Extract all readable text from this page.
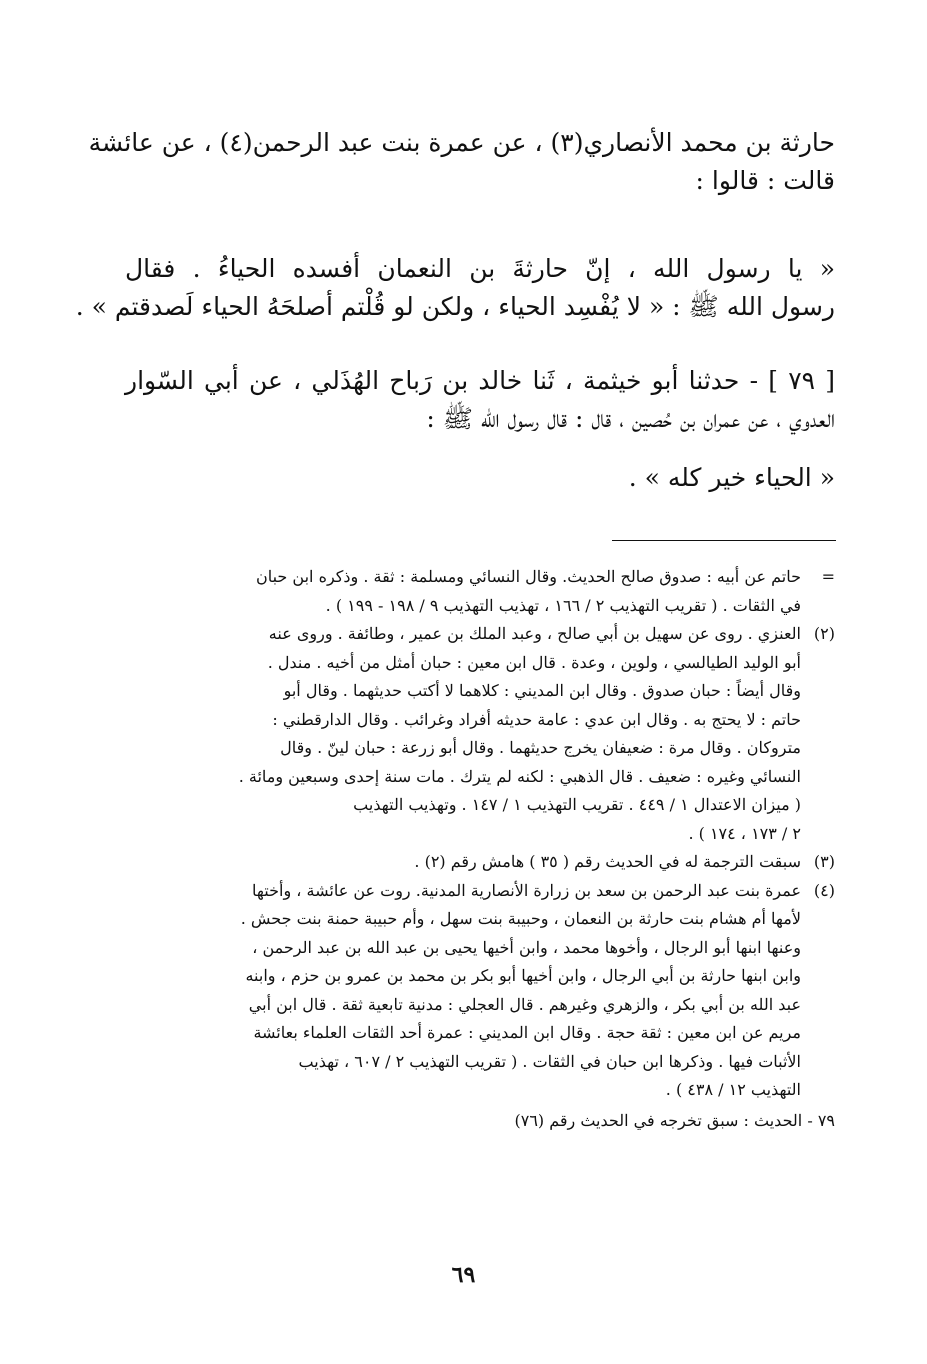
حارثة بن محمد الأنصاري(٣) ، عن عمرة بنت عبد الرحمن(٤) ، عن عائشة
قالت : قالوا :
« يا رسول الله ، إنّ حارثةَ بن النعمان أفسده الحياءُ . فقال
رسول الله ﷺ : « لا يُفْسِد الحياء ، ولكن لو قُلْتم أصلحَهُ الحياء لَصدقتم » .
[ ٧٩ ] - حدثنا أبو خيثمة ، ثَنا خالد بن رَباح الهُذَلي ، عن أبي السّوار
العدوي ، عن عمران بن حُصين ، قال : قال رسول الله ﷺ :
« الحياء خير كله » .
=
حاتم عن أبيه : صدوق صالح الحديث. وقال النسائي ومسلمة : ثقة . وذكره ابن حبان
في الثقات . ( تقريب التهذيب ٢ / ١٦٦ ، تهذيب التهذيب ٩ / ١٩٨ - ١٩٩ ) .
(٢)
العنزي . روى عن سهيل بن أبي صالح ، وعبد الملك بن عمير ، وطائفة . وروى عنه
أبو الوليد الطيالسي ، ولوين ، وعدة . قال ابن معين : حبان أمثل من أخيه . مندل .
وقال أيضاً : حبان صدوق . وقال ابن المديني : كلاهما لا أكتب حديثهما . وقال أبو
حاتم : لا يحتج به . وقال ابن عدي : عامة حديثه أفراد وغرائب . وقال الدارقطني :
متروكان . وقال مرة : ضعيفان يخرج حديثهما . وقال أبو زرعة : حبان لينّ . وقال
النسائي وغيره : ضعيف . قال الذهبي : لكنه لم يترك . مات سنة إحدى وسبعين ومائة .
( ميزان الاعتدال ١ / ٤٤٩ . تقريب التهذيب ١ / ١٤٧ . وتهذيب التهذيب
٢ / ١٧٣ ، ١٧٤ ) .
(٣)
سبقت الترجمة له في الحديث رقم ( ٣٥ ) هامش رقم (٢) .
(٤)
عمرة بنت عبد الرحمن بن سعد بن زرارة الأنصارية المدنية. روت عن عائشة ، وأختها
لأمها أم هشام بنت حارثة بن النعمان ، وحبيبة بنت سهل ، وأم حبيبة حمنة بنت جحش .
وعنها ابنها أبو الرجال ، وأخوها محمد ، وابن أخيها يحيى بن عبد الله بن عبد الرحمن ،
وابن ابنها حارثة بن أبي الرجال ، وابن أخيها أبو بكر بن محمد بن عمرو بن حزم ، وابنه
عبد الله بن أبي بكر ، والزهري وغيرهم . قال العجلي : مدنية تابعية ثقة . قال ابن أبي
مريم عن ابن معين : ثقة حجة . وقال ابن المديني : عمرة أحد الثقات العلماء بعائشة
الأثبات فيها . وذكرها ابن حبان في الثقات . ( تقريب التهذيب ٢ / ٦٠٧ ، تهذيب
التهذيب ١٢ / ٤٣٨ ) .
٧٩ - الحديث : سبق تخرجه في الحديث رقم (٧٦)
٦٩
